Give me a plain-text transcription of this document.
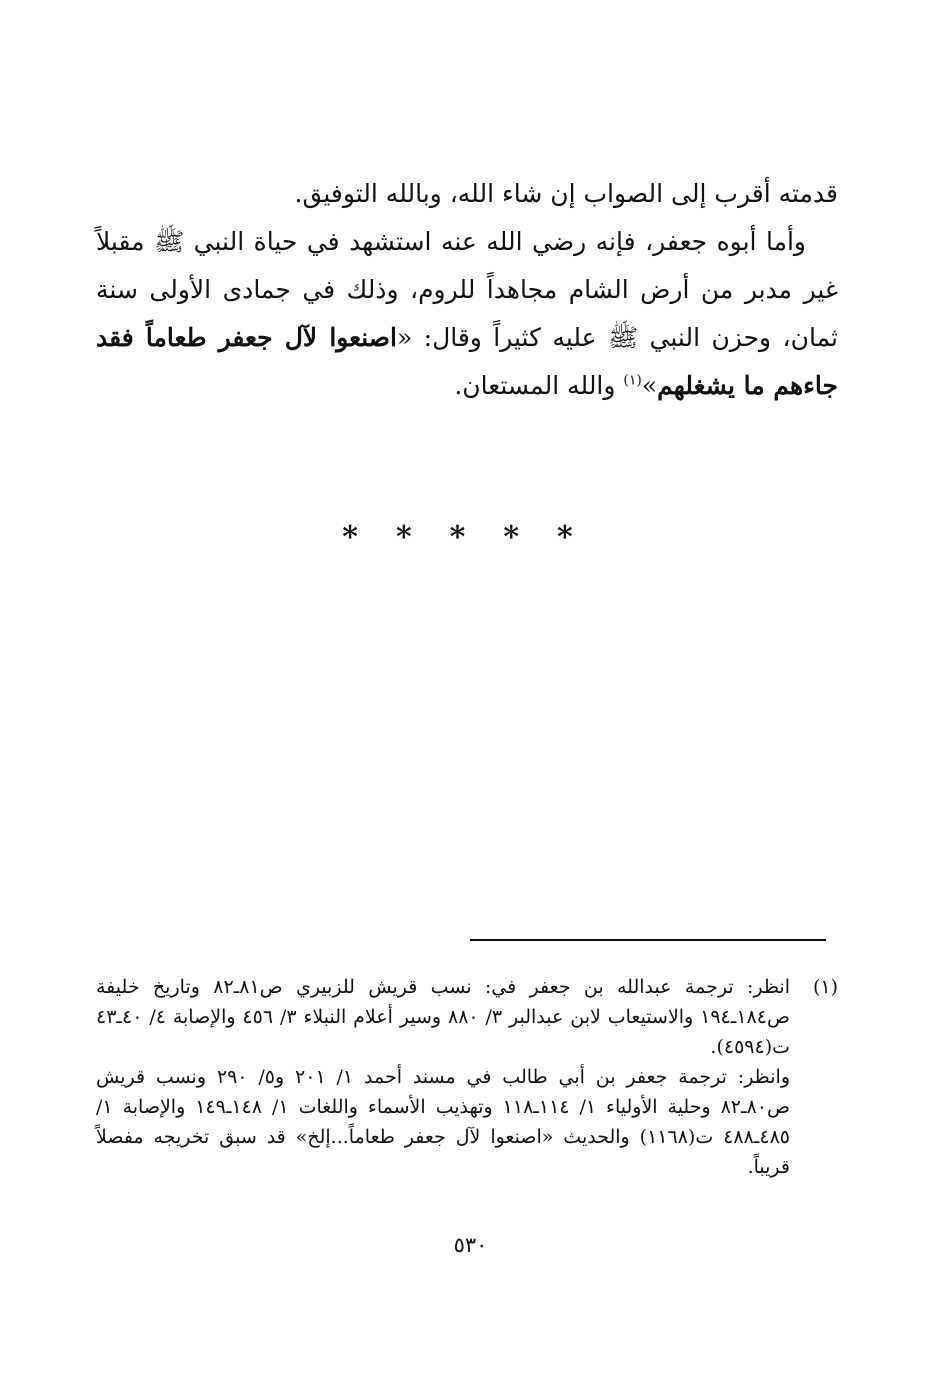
قدمته أقرب إلى الصواب إن شاء الله، وبالله التوفيق.

وأما أبوه جعفر، فإنه رضي الله عنه استشهد في حياة النبي ﷺ مقبلاً غير مدبر من أرض الشام مجاهداً للروم، وذلك في جمادى الأولى سنة ثمان، وحزن النبي ﷺ عليه كثيراً وقال: «اصنعوا لآل جعفر طعاماً فقد جاءهم ما يشغلهم»$^{(١)}$ والله المستعان.

* * * * *
(١)

انظر: ترجمة عبدالله بن جعفر في: نسب قريش للزبيري ص٨١ـ٨٢ وتاريخ خليفة ص١٨٤ـ١٩٤ والاستيعاب لابن عبدالبر ٣/ ٨٨٠ وسير أعلام النبلاء ٣/ ٤٥٦ والإصابة ٤/ ٤٠ـ٤٣ ت(٤٥٩٤).

وانظر: ترجمة جعفر بن أبي طالب في مسند أحمد ١/ ٢٠١ و٥/ ٢٩٠ ونسب قريش ص٨٠ـ٨٢ وحلية الأولياء ١/ ١١٤ـ١١٨ وتهذيب الأسماء واللغات ١/ ١٤٨ـ١٤٩ والإصابة ١/ ٤٨٥ـ٤٨٨ ت(١١٦٨) والحديث «اصنعوا لآل جعفر طعاماً...إلخ» قد سبق تخريجه مفصلاً قريباً.

٥٣٠
